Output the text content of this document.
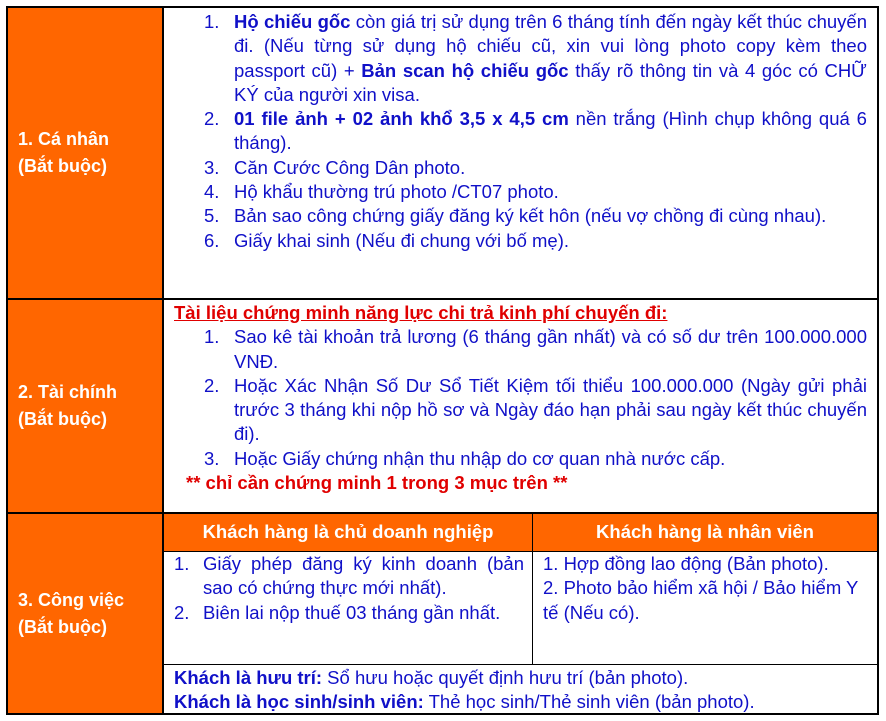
1. Cá nhân
(Bắt buộc)
1. Hộ chiếu gốc còn giá trị sử dụng trên 6 tháng tính đến ngày kết thúc chuyến đi. (Nếu từng sử dụng hộ chiếu cũ, xin vui lòng photo copy kèm theo passport cũ) + Bản scan hộ chiếu gốc thấy rõ thông tin và 4 góc có CHỮ KÝ của người xin visa.
2. 01 file ảnh + 02 ảnh khổ 3,5 x 4,5 cm nền trắng (Hình chụp không quá 6 tháng).
3. Căn Cước Công Dân photo.
4. Hộ khẩu thường trú photo /CT07 photo.
5. Bản sao công chứng giấy đăng ký kết hôn (nếu vợ chồng đi cùng nhau).
6. Giấy khai sinh (Nếu đi chung với bố mẹ).
2. Tài chính
(Bắt buộc)
Tài liệu chứng minh năng lực chi trả kinh phí chuyến đi:
1. Sao kê tài khoản trả lương (6 tháng gần nhất) và có số dư trên 100.000.000 VNĐ.
2. Hoặc Xác Nhận Số Dư Sổ Tiết Kiệm tối thiểu 100.000.000 (Ngày gửi phải trước 3 tháng khi nộp hồ sơ và Ngày đáo hạn phải sau ngày kết thúc chuyến đi).
3. Hoặc Giấy chứng nhận thu nhập do cơ quan nhà nước cấp.
** chỉ cần chứng minh 1 trong 3 mục trên **
3. Công việc
(Bắt buộc)
Khách hàng là chủ doanh nghiệp	Khách hàng là nhân viên
1. Giấy phép đăng ký kinh doanh (bản sao có chứng thực mới nhất).
2. Biên lai nộp thuế 03 tháng gần nhất.
1. Hợp đồng lao động (Bản photo).
2. Photo bảo hiểm xã hội / Bảo hiểm Y tế (Nếu có).
Khách là hưu trí: Sổ hưu hoặc quyết định hưu trí (bản photo).
Khách là học sinh/sinh viên: Thẻ học sinh/Thẻ sinh viên (bản photo).
